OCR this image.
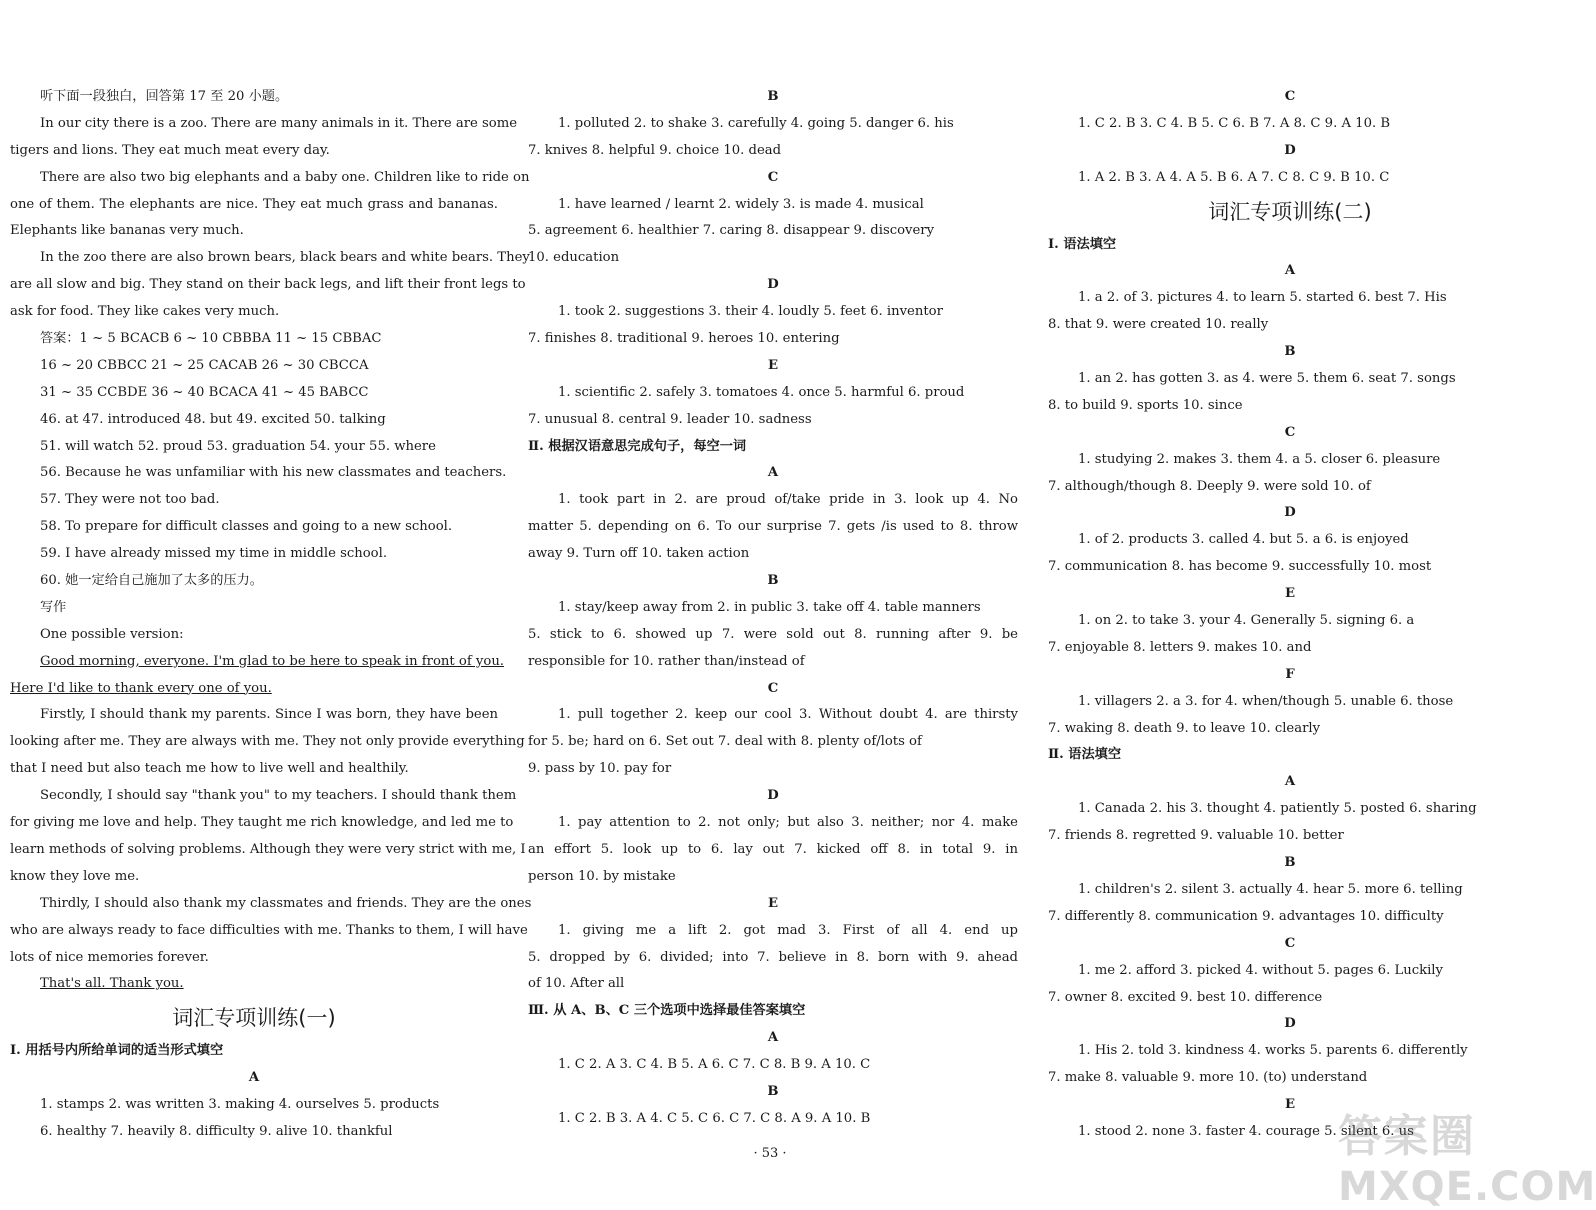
听下面一段独白，回答第 17 至 20 小题。
In our city there is a zoo. There are many animals in it. There are some
tigers and lions. They eat much meat every day.
There are also two big elephants and a baby one. Children like to ride on
one of them. The elephants are nice. They eat much grass and bananas.
Elephants like bananas very much.
In the zoo there are also brown bears, black bears and white bears. They
are all slow and big. They stand on their back legs, and lift their front legs to
ask for food. They like cakes very much.
答案：1 ~ 5 BCACB 6 ~ 10 CBBBA 11 ~ 15 CBBAC
16 ~ 20 CBBCC 21 ~ 25 CACAB 26 ~ 30 CBCCA
31 ~ 35 CCBDE 36 ~ 40 BCACA 41 ~ 45 BABCC
46. at 47. introduced 48. but 49. excited 50. talking
51. will watch 52. proud 53. graduation 54. your 55. where
56. Because he was unfamiliar with his new classmates and teachers.
57. They were not too bad.
58. To prepare for difficult classes and going to a new school.
59. I have already missed my time in middle school.
60. 她一定给自己施加了太多的压力。
写作
One possible version:
Good morning, everyone. I'm glad to be here to speak in front of you.
Here I'd like to thank every one of you.
Firstly, I should thank my parents. Since I was born, they have been
looking after me. They are always with me. They not only provide everything
that I need but also teach me how to live well and healthily.
Secondly, I should say "thank you" to my teachers. I should thank them
for giving me love and help. They taught me rich knowledge, and led me to
learn methods of solving problems. Although they were very strict with me, I
know they love me.
Thirdly, I should also thank my classmates and friends. They are the ones
who are always ready to face difficulties with me. Thanks to them, I will have
lots of nice memories forever.
That's all. Thank you.
词汇专项训练(一)
Ⅰ. 用括号内所给单词的适当形式填空
A
1. stamps 2. was written 3. making 4. ourselves 5. products
6. healthy 7. heavily 8. difficulty 9. alive 10. thankful
B
1. polluted 2. to shake 3. carefully 4. going 5. danger 6. his
7. knives 8. helpful 9. choice 10. dead
C
1. have learned / learnt 2. widely 3. is made 4. musical
5. agreement 6. healthier 7. caring 8. disappear 9. discovery
10. education
D
1. took 2. suggestions 3. their 4. loudly 5. feet 6. inventor
7. finishes 8. traditional 9. heroes 10. entering
E
1. scientific 2. safely 3. tomatoes 4. once 5. harmful 6. proud
7. unusual 8. central 9. leader 10. sadness
Ⅱ. 根据汉语意思完成句子，每空一词
A
1. took part in 2. are proud of/take pride in 3. look up 4. No
matter 5. depending on 6. To our surprise 7. gets /is used to 8. throw
away 9. Turn off 10. taken action
B
1. stay/keep away from 2. in public 3. take off 4. table manners
5. stick to 6. showed up 7. were sold out 8. running after 9. be
responsible for 10. rather than/instead of
C
1. pull together 2. keep our cool 3. Without doubt 4. are thirsty
for 5. be; hard on 6. Set out 7. deal with 8. plenty of/lots of
9. pass by 10. pay for
D
1. pay attention to 2. not only; but also 3. neither; nor 4. make
an effort 5. look up to 6. lay out 7. kicked off 8. in total 9. in
person 10. by mistake
E
1. giving me a lift 2. got mad 3. First of all 4. end up
5. dropped by 6. divided; into 7. believe in 8. born with 9. ahead
of 10. After all
Ⅲ. 从 A、B、C 三个选项中选择最佳答案填空
A
1. C 2. A 3. C 4. B 5. A 6. C 7. C 8. B 9. A 10. C
B
1. C 2. B 3. A 4. C 5. C 6. C 7. C 8. A 9. A 10. B
C
1. C 2. B 3. C 4. B 5. C 6. B 7. A 8. C 9. A 10. B
D
1. A 2. B 3. A 4. A 5. B 6. A 7. C 8. C 9. B 10. C
词汇专项训练(二)
Ⅰ. 语法填空
A
1. a 2. of 3. pictures 4. to learn 5. started 6. best 7. His
8. that 9. were created 10. really
B
1. an 2. has gotten 3. as 4. were 5. them 6. seat 7. songs
8. to build 9. sports 10. since
C
1. studying 2. makes 3. them 4. a 5. closer 6. pleasure
7. although/though 8. Deeply 9. were sold 10. of
D
1. of 2. products 3. called 4. but 5. a 6. is enjoyed
7. communication 8. has become 9. successfully 10. most
E
1. on 2. to take 3. your 4. Generally 5. signing 6. a
7. enjoyable 8. letters 9. makes 10. and
F
1. villagers 2. a 3. for 4. when/though 5. unable 6. those
7. waking 8. death 9. to leave 10. clearly
Ⅱ. 语法填空
A
1. Canada 2. his 3. thought 4. patiently 5. posted 6. sharing
7. friends 8. regretted 9. valuable 10. better
B
1. children's 2. silent 3. actually 4. hear 5. more 6. telling
7. differently 8. communication 9. advantages 10. difficulty
C
1. me 2. afford 3. picked 4. without 5. pages 6. Luckily
7. owner 8. excited 9. best 10. difference
D
1. His 2. told 3. kindness 4. works 5. parents 6. differently
7. make 8. valuable 9. more 10. (to) understand
E
1. stood 2. none 3. faster 4. courage 5. silent 6. us
· 53 ·	答案圈
MXQE.COM
